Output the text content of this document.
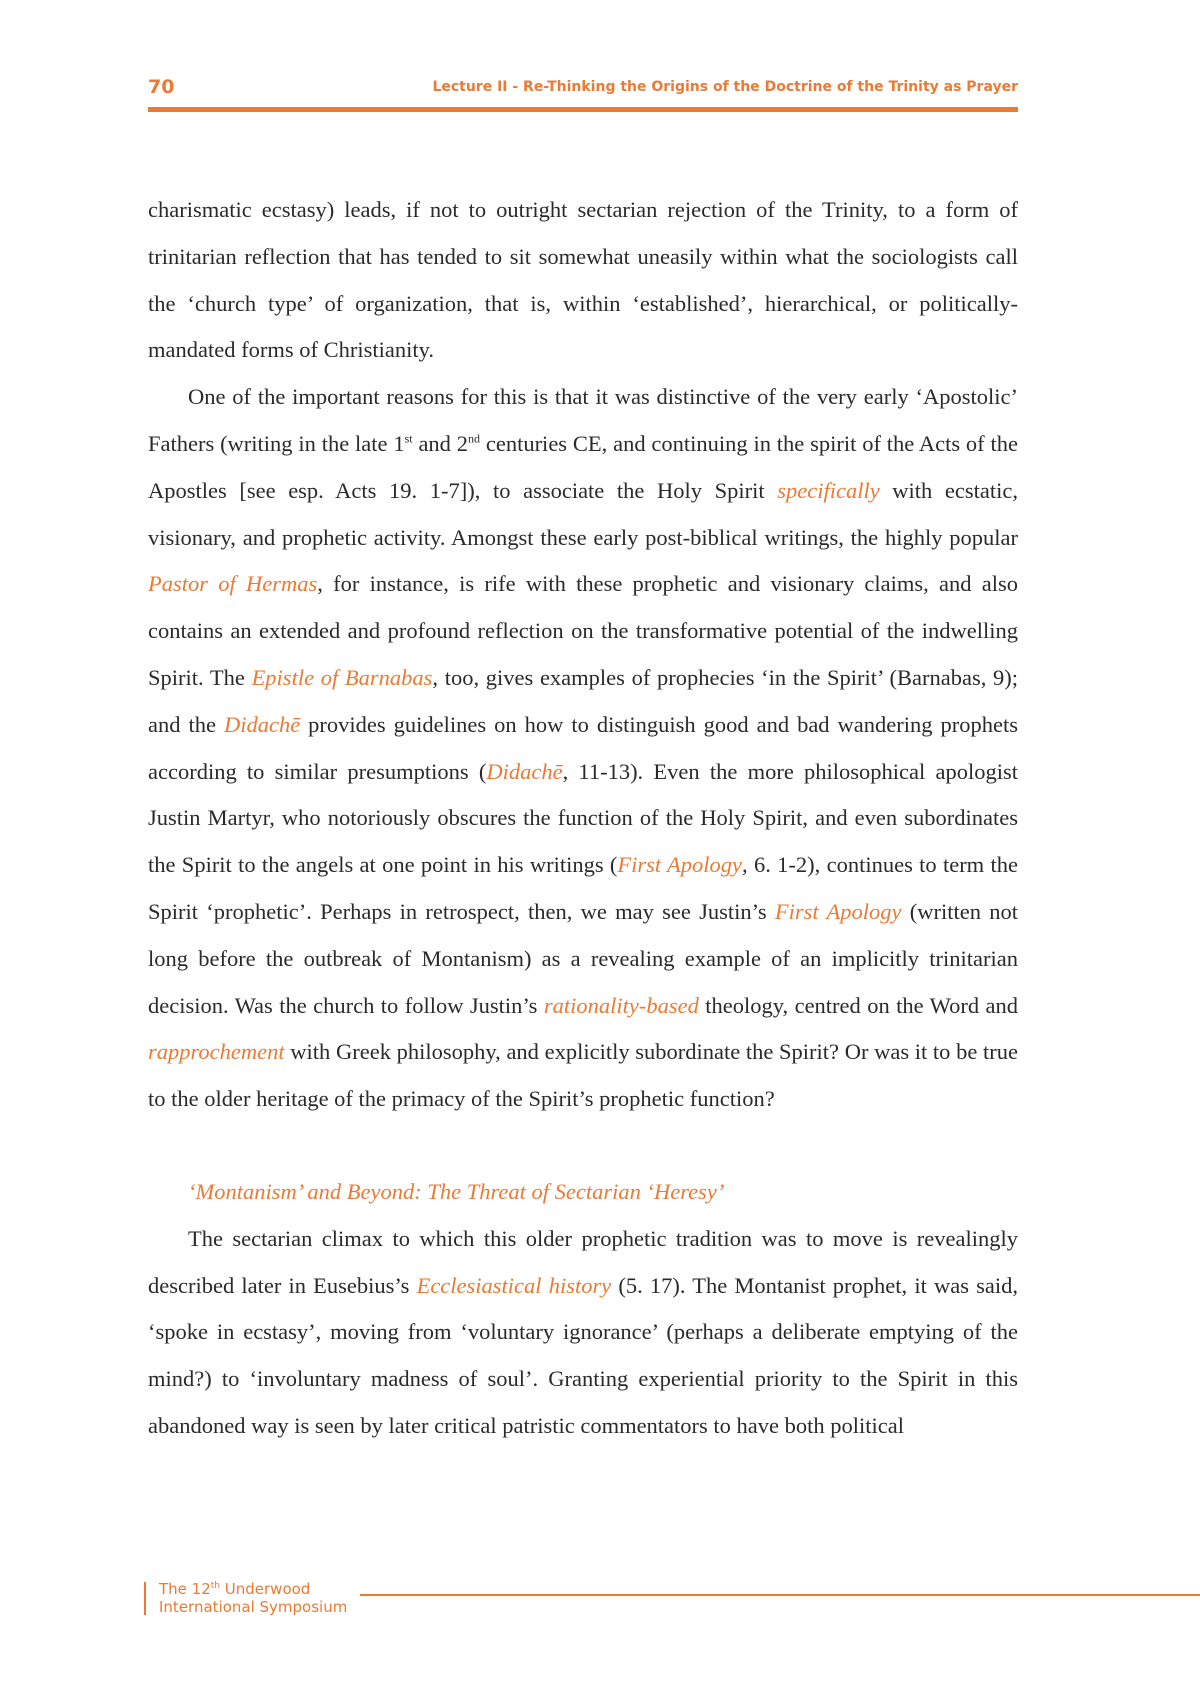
70	Lecture II - Re-Thinking the Origins of the Doctrine of the Trinity as Prayer

charismatic ecstasy) leads, if not to outright sectarian rejection of the Trinity, to a form of trinitarian reflection that has tended to sit somewhat uneasily within what the sociologists call the ‘church type’ of organization, that is, within ‘established’, hierarchical, or politically-mandated forms of Christianity.

One of the important reasons for this is that it was distinctive of the very early ‘Apostolic’ Fathers (writing in the late 1st and 2nd centuries CE, and continuing in the spirit of the Acts of the Apostles [see esp. Acts 19. 1-7]), to associate the Holy Spirit specifically with ecstatic, visionary, and prophetic activity. Amongst these early post-biblical writings, the highly popular Pastor of Hermas, for instance, is rife with these prophetic and visionary claims, and also contains an extended and profound reflection on the transformative potential of the indwelling Spirit. The Epistle of Barnabas, too, gives examples of prophecies ‘in the Spirit’ (Barnabas, 9); and the Didachē provides guidelines on how to distinguish good and bad wandering prophets according to similar presumptions (Didachē, 11-13). Even the more philosophical apologist Justin Martyr, who notoriously obscures the function of the Holy Spirit, and even subordinates the Spirit to the angels at one point in his writings (First Apology, 6. 1-2), continues to term the Spirit ‘prophetic’. Perhaps in retrospect, then, we may see Justin’s First Apology (written not long before the outbreak of Montanism) as a revealing example of an implicitly trinitarian decision. Was the church to follow Justin’s rationality-based theology, centred on the Word and rapprochement with Greek philosophy, and explicitly subordinate the Spirit? Or was it to be true to the older heritage of the primacy of the Spirit’s prophetic function?

‘Montanism’ and Beyond: The Threat of Sectarian ‘Heresy’

The sectarian climax to which this older prophetic tradition was to move is revealingly described later in Eusebius’s Ecclesiastical history (5. 17). The Montanist prophet, it was said, ‘spoke in ecstasy’, moving from ‘voluntary ignorance’ (perhaps a deliberate emptying of the mind?) to ‘involuntary madness of soul’. Granting experiential priority to the Spirit in this abandoned way is seen by later critical patristic commentators to have both political

The 12th Underwood
International Symposium
